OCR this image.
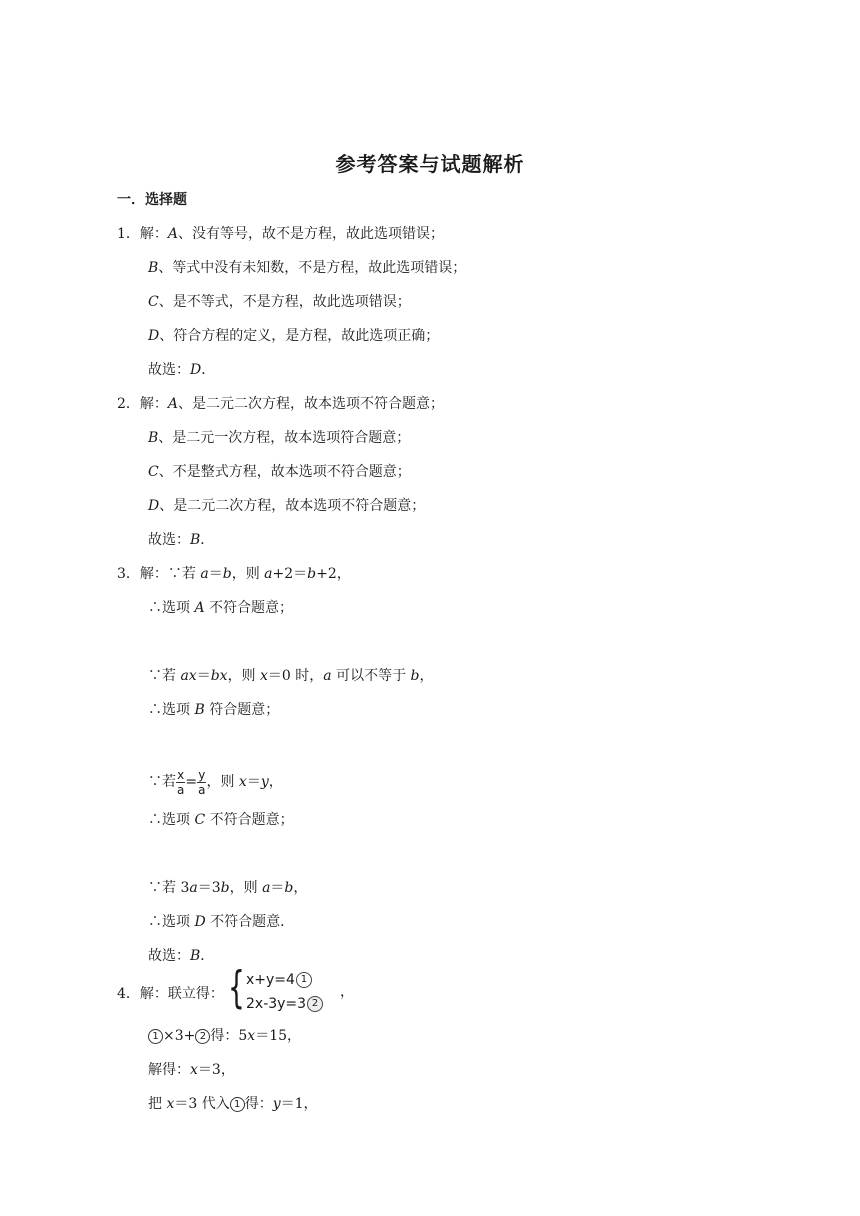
参考答案与试题解析
一．选择题
1．解：A、没有等号，故不是方程，故此选项错误；
B、等式中没有未知数，不是方程，故此选项错误；
C、是不等式，不是方程，故此选项错误；
D、符合方程的定义，是方程，故此选项正确；
故选：D．
2．解：A、是二元二次方程，故本选项不符合题意；
B、是二元一次方程，故本选项符合题意；
C、不是整式方程，故本选项不符合题意；
D、是二元二次方程，故本选项不符合题意；
故选：B．
3．解：∵若 a＝b，则 a+2＝b+2，
∴选项 A 不符合题意；
∵若 ax＝bx，则 x＝0 时，a 可以不等于 b，
∴选项 B 符合题意；
∵若 $\frac{x}{a} = \frac{y}{a}$ ，则 x＝y，
∴选项 C 不符合题意；
∵若 3a＝3b，则 a＝b，
∴选项 D 不符合题意．
故选：B．
4．解：联立得： { x+y=4 1
2x-3y=3 2
，
1 ×3+ 2 得：5x＝15，
解得：x＝3，
把 x＝3 代入 1 得：y＝1，
